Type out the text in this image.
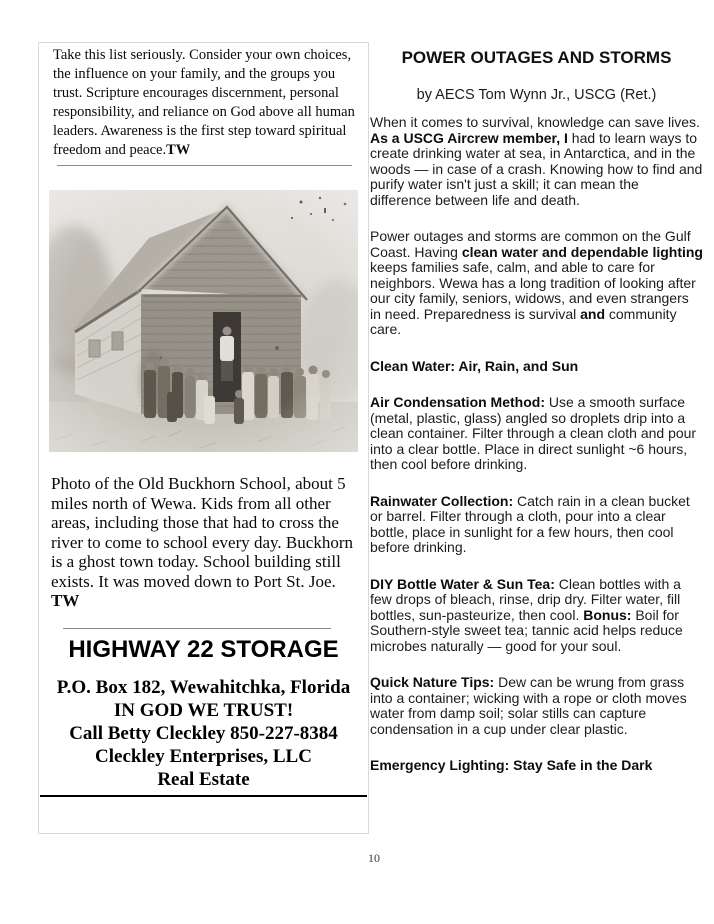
Take this list seriously. Consider your own choices, the influence on your family, and the groups you trust. Scripture encourages discernment, personal responsibility, and reliance on God above all human leaders. Awareness is the first step toward spiritual freedom and peace.TW

Photo of the Old Buckhorn School, about 5 miles north of Wewa. Kids from all other areas, including those that had to cross the river to come to school every day. Buckhorn is a ghost town today. School building still exists. It was moved down to Port St. Joe. TW

HIGHWAY 22 STORAGE
P.O. Box 182, Wewahitchka, Florida
IN GOD WE TRUST!
Call Betty Cleckley 850-227-8384
Cleckley Enterprises, LLC
Real Estate
POWER OUTAGES AND STORMS
by AECS Tom Wynn Jr., USCG (Ret.)

When it comes to survival, knowledge can save lives. As a USCG Aircrew member, I had to learn ways to create drinking water at sea, in Antarctica, and in the woods — in case of a crash. Knowing how to find and purify water isn't just a skill; it can mean the difference between life and death.

Power outages and storms are common on the Gulf Coast. Having clean water and dependable lighting keeps families safe, calm, and able to care for neighbors. Wewa has a long tradition of looking after our city family, seniors, widows, and even strangers in need. Preparedness is survival and community care.

Clean Water: Air, Rain, and Sun

Air Condensation Method: Use a smooth surface (metal, plastic, glass) angled so droplets drip into a clean container. Filter through a clean cloth and pour into a clear bottle. Place in direct sunlight ~6 hours, then cool before drinking.

Rainwater Collection: Catch rain in a clean bucket or barrel. Filter through a cloth, pour into a clear bottle, place in sunlight for a few hours, then cool before drinking.

DIY Bottle Water & Sun Tea: Clean bottles with a few drops of bleach, rinse, drip dry. Filter water, fill bottles, sun-pasteurize, then cool. Bonus: Boil for Southern-style sweet tea; tannic acid helps reduce microbes naturally — good for your soul.

Quick Nature Tips: Dew can be wrung from grass into a container; wicking with a rope or cloth moves water from damp soil; solar stills can capture condensation in a cup under clear plastic.

Emergency Lighting: Stay Safe in the Dark

10
